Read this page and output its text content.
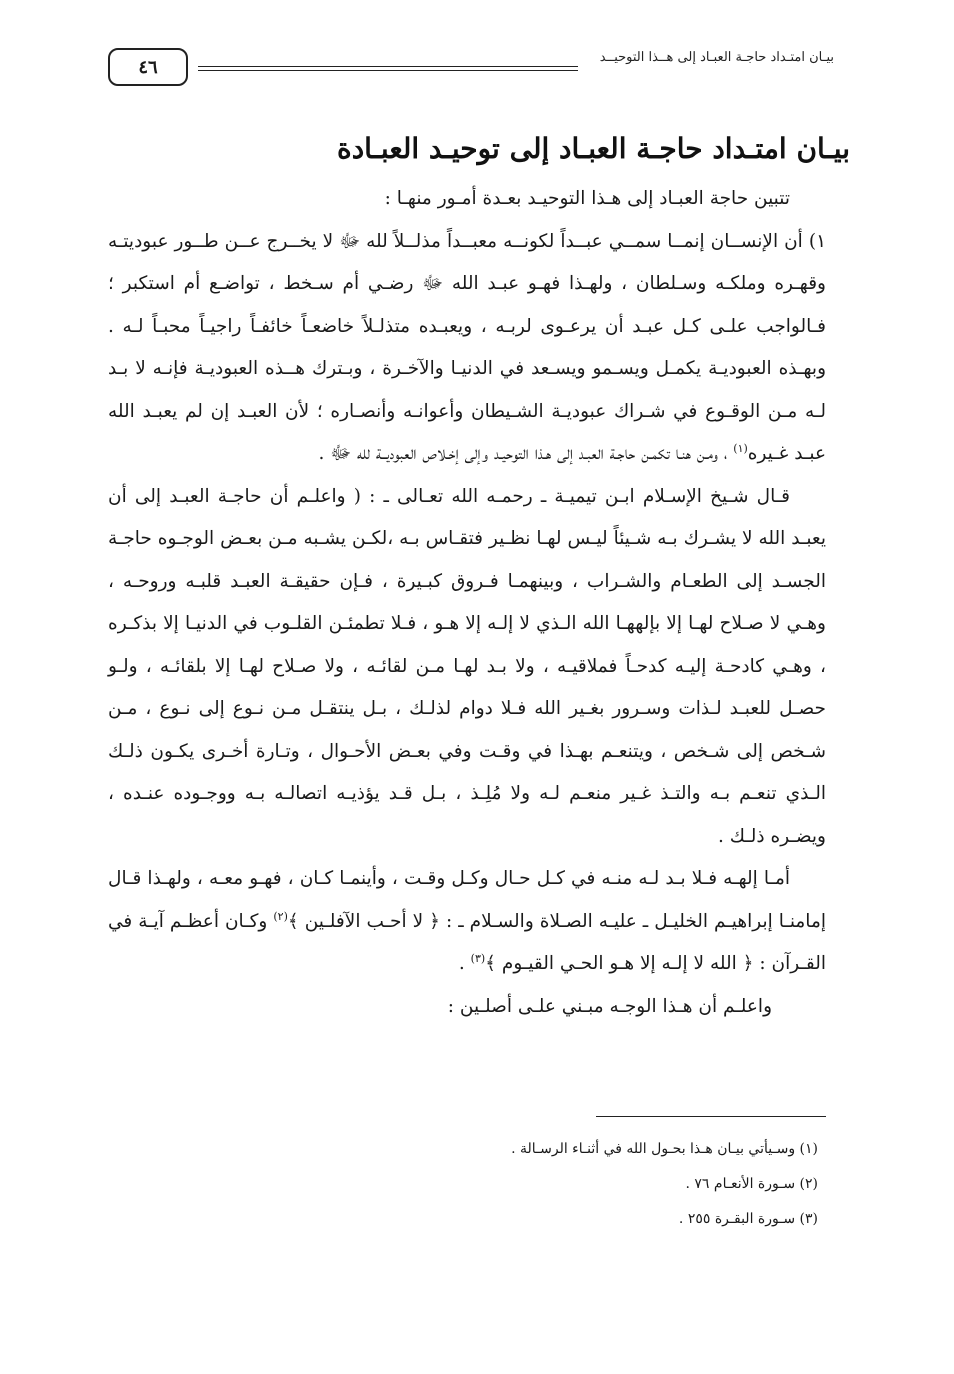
بيـان امتـداد حاجـة العبـاد إلى هــذا التوحيــد
٤٦
بيـان امتـداد حاجـة العبـاد إلى توحيـد العبـادة

تتبين حاجة العبـاد إلى هـذا التوحيـد بعـدة أمـور منهـا :

١) أن الإنســان إنمــا سمــي عبــداً لكونــه معبــداً مذلــلاً لله ﷻ لا يخــرج عــن طــور عبوديتـه وقهـره وملكـه وسـلطان ، ولهـذا فهـو عبـد الله ﷻ رضـي أم سـخط ، تواضـع أم استكبر ؛ فـالواجب علـى كـل عبـد أن يرعـوى لربـه ، ويعبـده متذلـلاً خاضعـاً خائفـاً راجيـاً محبـاً لـه . وبهـذه العبوديـة يكمـل ويسـمو ويسـعد في الدنيـا والآخـرة ، وبـترك هــذه العبوديـة فإنـه لا بـد لـه مـن الوقـوع في شـراك عبوديـة الشـيطان وأعوانـه وأنصـاره ؛ لأن العبـد إن لم يعبـد الله عبـد غـيره$^{(١)}$ ، ومـن هنـا تكمـن حاجـة العبـد إلى هـذا التوحيـد وإلى إخـلاص العبوديــة لله ﷻ .

قـال شـيخ الإسـلام ابـن تيميـة ـ رحمـه الله تعـالى ـ : ( واعلـم أن حاجـة العبـد إلى أن يعبـد الله لا يشـرك بـه شـيئاً ليـس لهـا نظـير فتقـاس بـه ،لكـن يشـبه مـن بعـض الوجـوه حاجـة الجسـد إلى الطعـام والشـراب ، وبينهمـا فـروق كبـيرة ، فـإن حقيقـة العبـد قلبـه وروحـه ، وهـي لا صـلاح لهـا إلا بإلههـا الله الـذي لا إلـه إلا هـو ، فـلا تطمئـن القلـوب في الدنيـا إلا بذكـره ، وهـي كادحـة إليـه كدحـاً فملاقيـه ، ولا بـد لهـا مـن لقائـه ، ولا صـلاح لهـا إلا بلقائـه ، ولـو حصـل للعبـد لـذات وسـرور بغـير الله فـلا دوام لذلـك ، بـل ينتقـل مـن نـوع إلى نـوع ، مـن شـخص إلى شـخص ، ويتنعـم بهـذا في وقـت وفي بعـض الأحـوال ، وتـارة أخـرى يكـون ذلـك الـذي تنعـم بـه والتـذ غـير منعـم لـه ولا مُلِـذ ، بـل قـد يؤذيـه اتصالـه بـه ووجـوده عنـده ، ويضـره ذلـك .

أمـا إلهـه فـلا بـد لـه منـه في كـل حـال وكـل وقـت ، وأينمـا كـان ، فهـو معـه ، ولهـذا قـال إمامنـا إبراهيـم الخليـل ـ عليـه الصـلاة والسـلام ـ : ﴿ لا أحـب الآفلـين ﴾$^{(٢)}$ وكـان أعظـم آيـة في القـرآن : ﴿ الله لا إلـه إلا هـو الحـي القيـوم ﴾$^{(٣)}$ .

واعلـم أن هـذا الوجـه مبـني علـى أصلـين :

(١) وسـيأتي بيـان هـذا بحـول الله في أثنـاء الرسـالة .
(٢) سـورة الأنعـام ٧٦ .
(٣) سـورة البقـرة ٢٥٥ .
